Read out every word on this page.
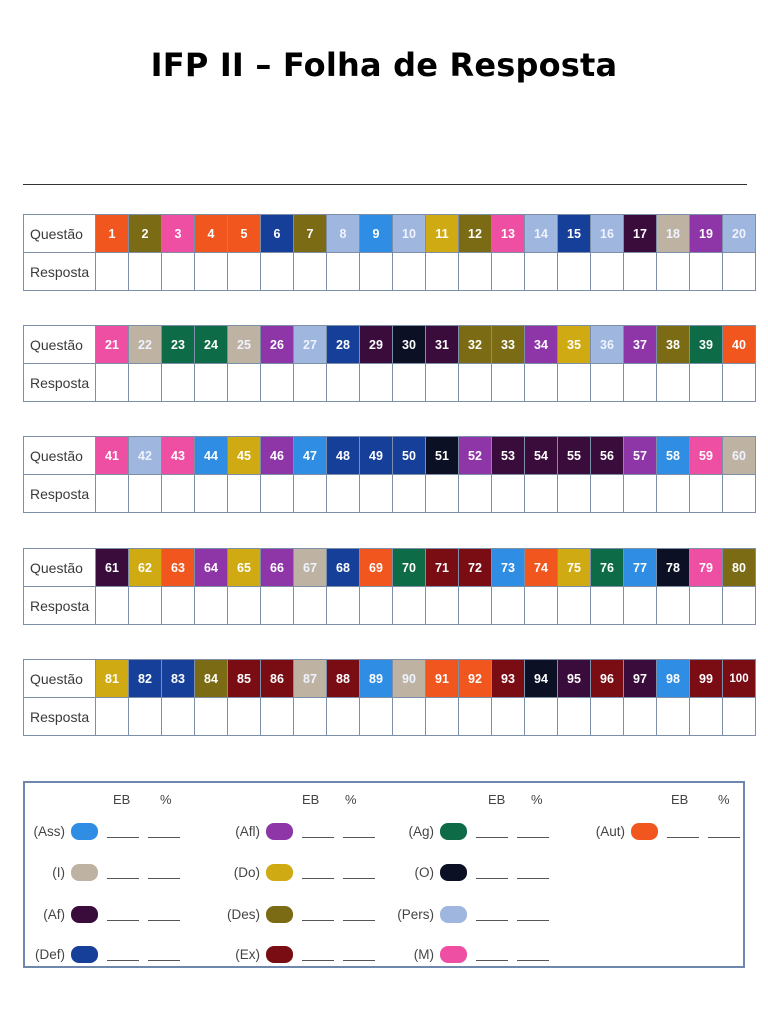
IFP II – Folha de Resposta
Questão	1	2	3	4	5	6	7	8	9	10	11	12	13	14	15	16	17	18	19	20
Resposta																				
Questão	21	22	23	24	25	26	27	28	29	30	31	32	33	34	35	36	37	38	39	40
Resposta																				
Questão	41	42	43	44	45	46	47	48	49	50	51	52	53	54	55	56	57	58	59	60
Resposta																				
Questão	61	62	63	64	65	66	67	68	69	70	71	72	73	74	75	76	77	78	79	80
Resposta																				
Questão	81	82	83	84	85	86	87	88	89	90	91	92	93	94	95	96	97	98	99	100
Resposta																				
EB %
(Ass)
(I)
(Af)
(Def)
EB %
(Afl)
(Do)
(Des)
(Ex)
EB %
(Ag)
(O)
(Pers)
(M)
EB %
(Aut)
